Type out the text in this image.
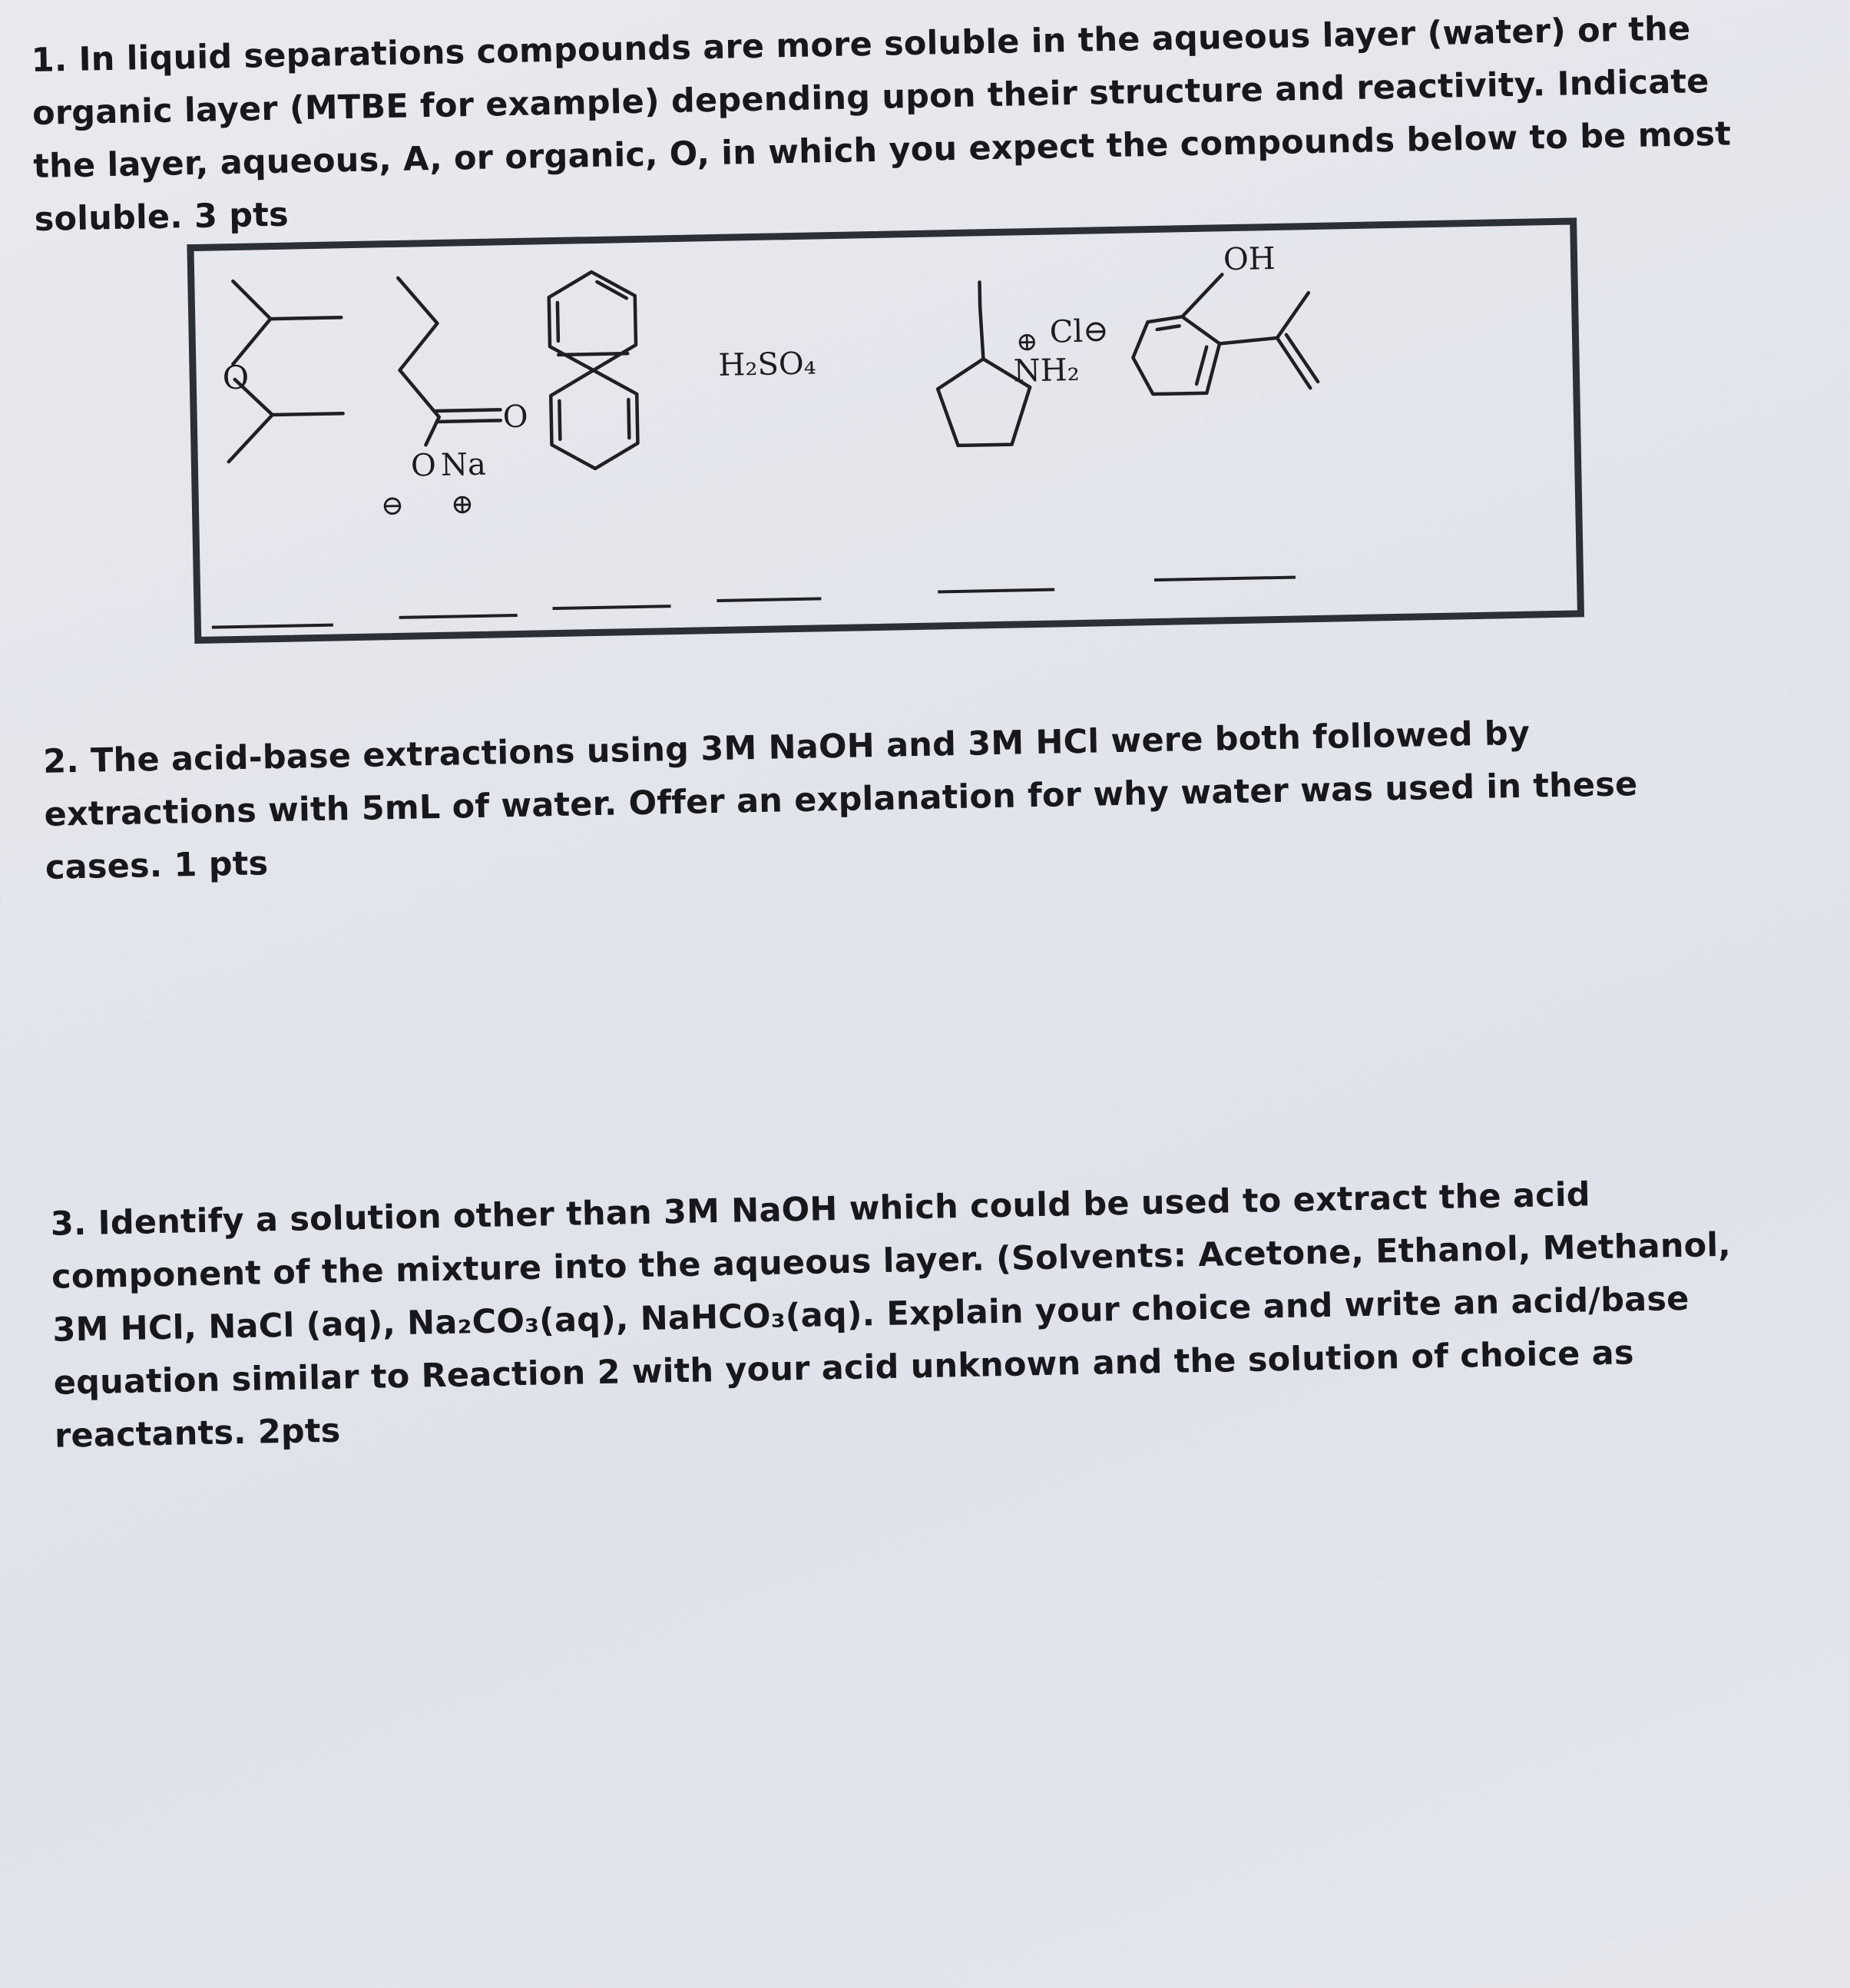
1. In liquid separations compounds are more soluble in the aqueous layer (water) or the organic layer (MTBE for example) depending upon their structure and reactivity. Indicate the layer, aqueous, A, or organic, O, in which you expect the compounds below to be most soluble. 3 pts

O
O
O Na
⊖ ⊕
H₂SO₄
⊕ Cl⊖
NH₂
OH

2. The acid-base extractions using 3M NaOH and 3M HCl were both followed by extractions with 5mL of water. Offer an explanation for why water was used in these cases. 1 pts

3. Identify a solution other than 3M NaOH which could be used to extract the acid component of the mixture into the aqueous layer. (Solvents: Acetone, Ethanol, Methanol, 3M HCl, NaCl (aq), Na₂CO₃(aq), NaHCO₃(aq). Explain your choice and write an acid/base equation similar to Reaction 2 with your acid unknown and the solution of choice as reactants. 2pts
